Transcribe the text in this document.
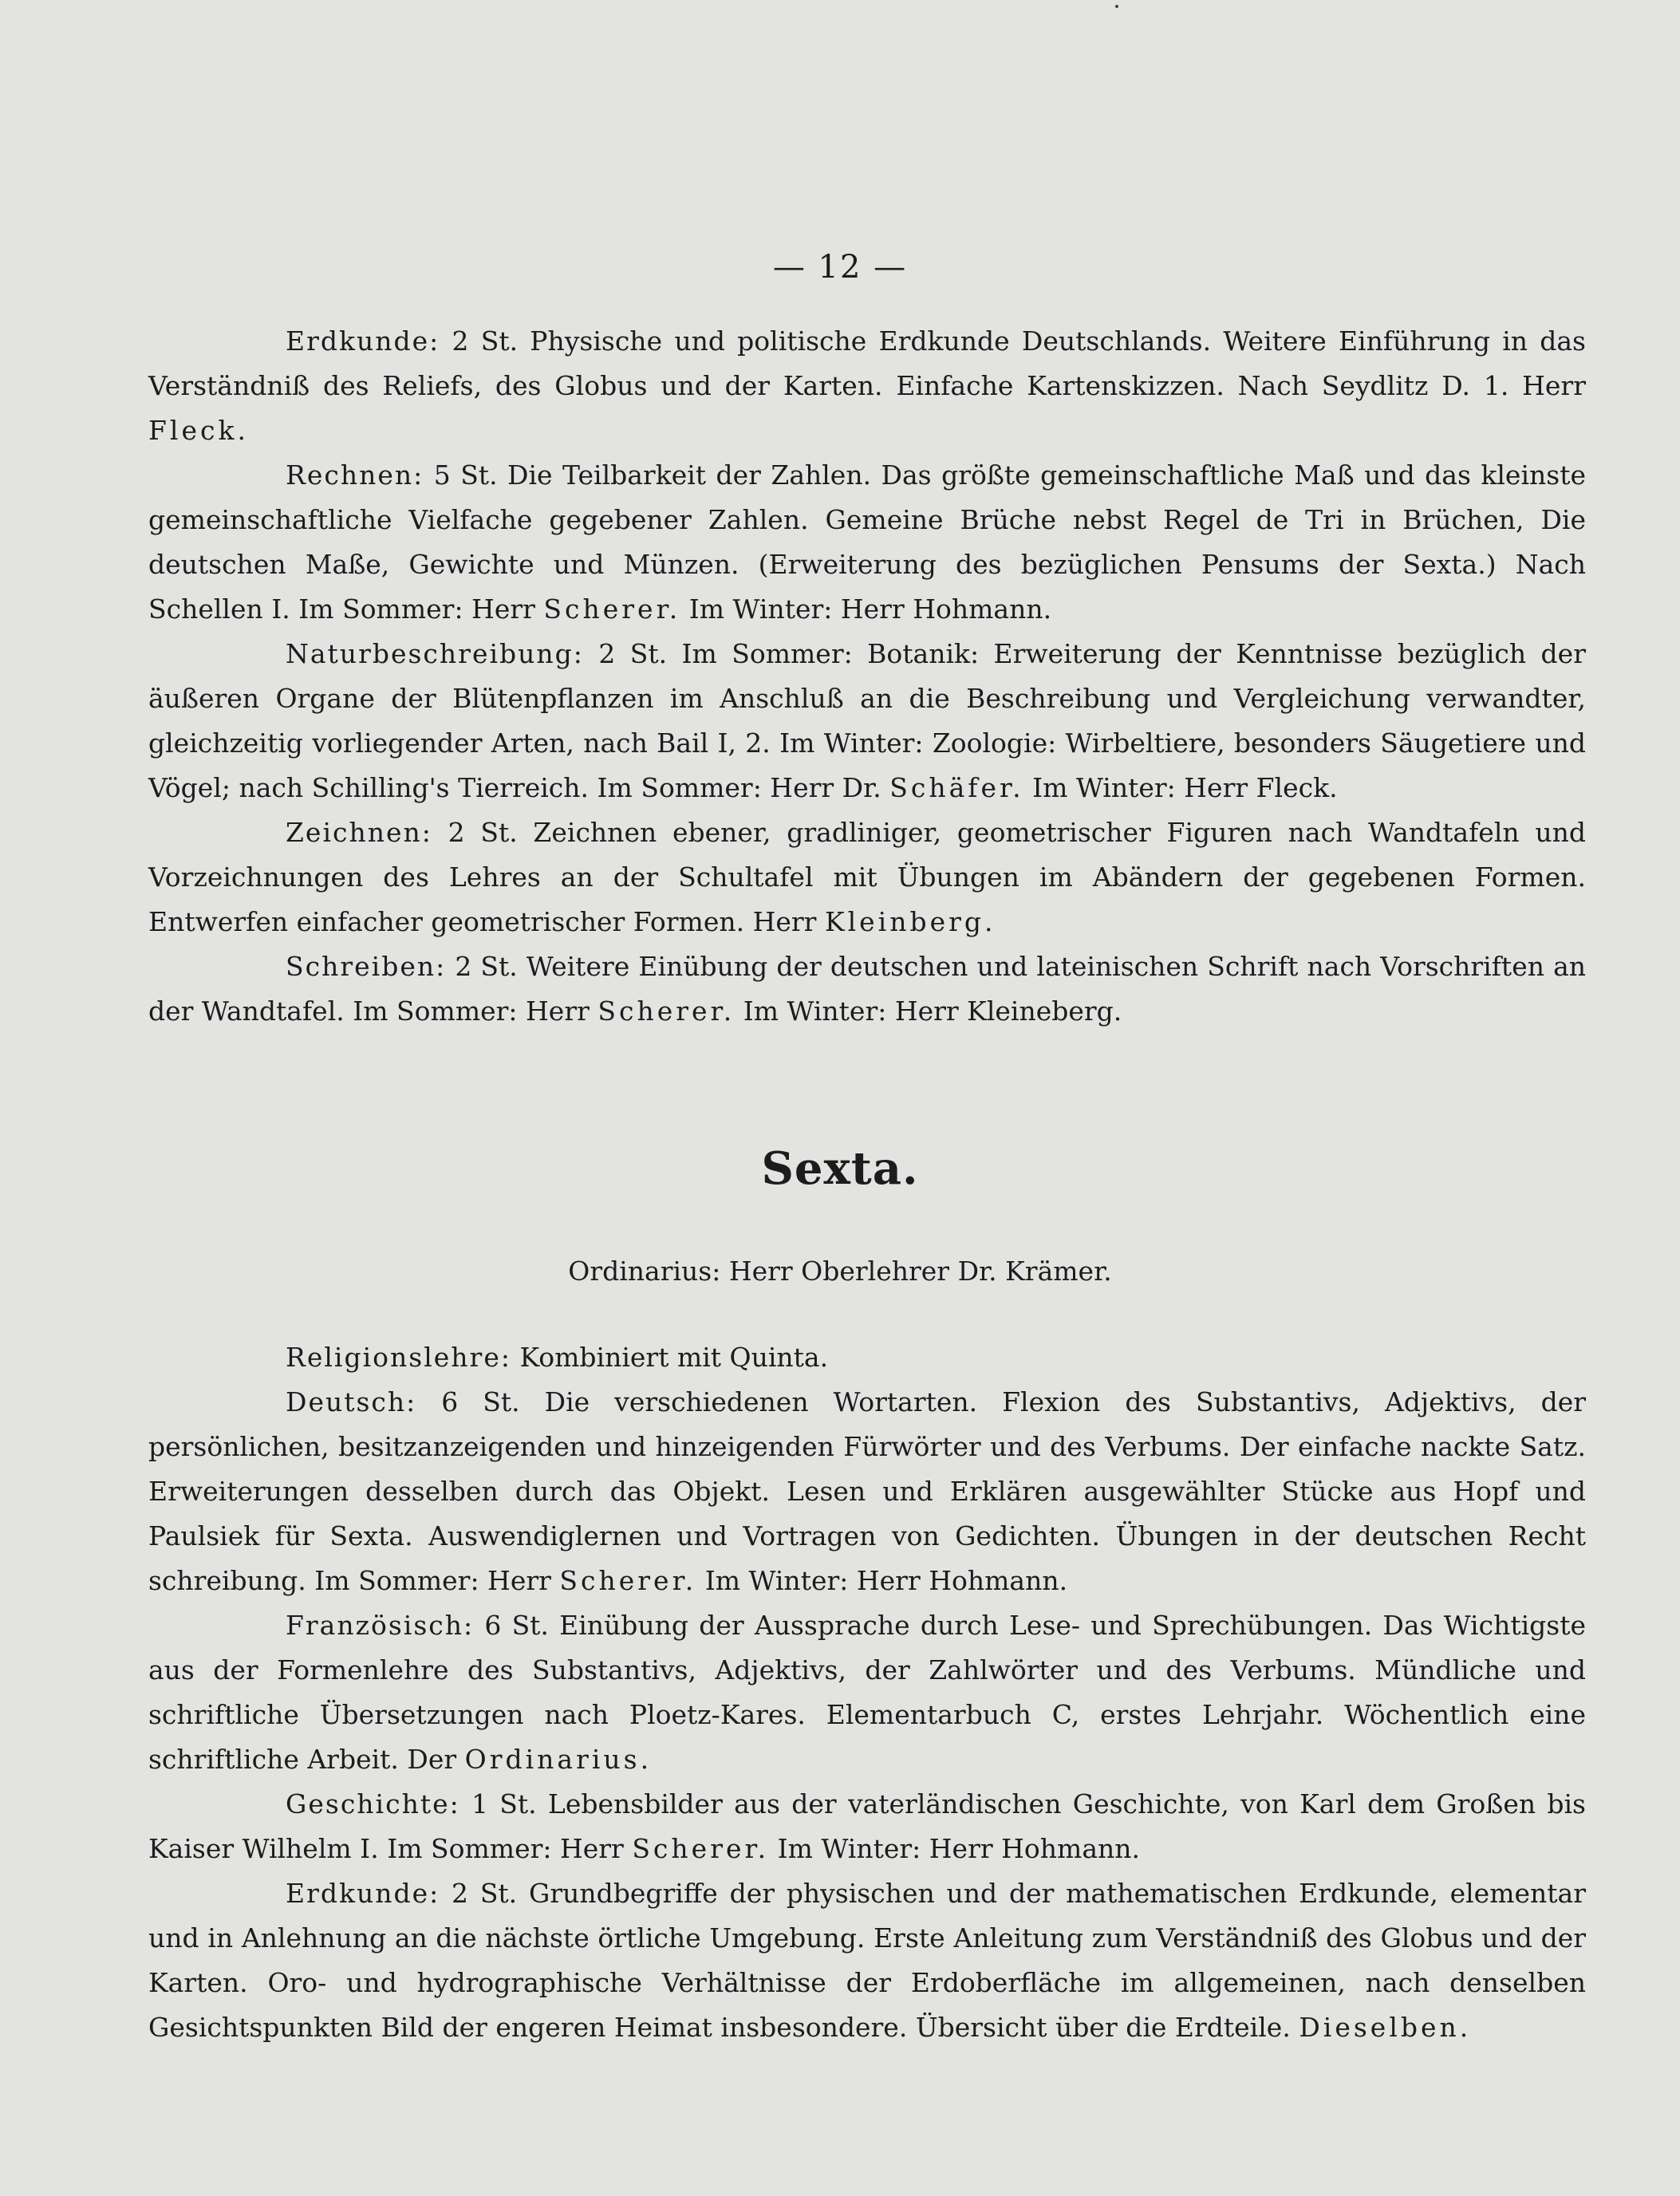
— 12 —

Erdkunde: 2 St. Physische und politische Erdkunde Deutschlands. Weitere Einführung in das Verständniß des Reliefs, des Globus und der Karten. Einfache Kartenskizzen. Nach Seydlitz D. 1. Herr Fleck.

Rechnen: 5 St. Die Teilbarkeit der Zahlen. Das größte gemeinschaftliche Maß und das kleinste gemeinschaftliche Vielfache gegebener Zahlen. Gemeine Brüche nebst Regel de Tri in Brüchen, Die deutschen Maße, Gewichte und Münzen. (Erweiterung des bezüglichen Pensums der Sexta.) Nach Schellen I. Im Sommer: Herr Scherer. Im Winter: Herr Hohmann.

Naturbeschreibung: 2 St. Im Sommer: Botanik: Erweiterung der Kenntnisse bezüglich der äußeren Organe der Blütenpflanzen im Anschluß an die Beschreibung und Vergleichung verwandter, gleichzeitig vorliegender Arten, nach Bail I, 2. Im Winter: Zoologie: Wirbeltiere, besonders Säugetiere und Vögel; nach Schilling's Tierreich. Im Sommer: Herr Dr. Schäfer. Im Winter: Herr Fleck.

Zeichnen: 2 St. Zeichnen ebener, gradliniger, geometrischer Figuren nach Wandtafeln und Vorzeichnungen des Lehres an der Schultafel mit Übungen im Abändern der gegebenen Formen. Entwerfen einfacher geometrischer Formen. Herr Kleinberg.

Schreiben: 2 St. Weitere Einübung der deutschen und lateinischen Schrift nach Vorschriften an der Wandtafel. Im Sommer: Herr Scherer. Im Winter: Herr Kleineberg.

Sexta.
Ordinarius: Herr Oberlehrer Dr. Krämer.

Religionslehre: Kombiniert mit Quinta.

Deutsch: 6 St. Die verschiedenen Wortarten. Flexion des Substantivs, Adjektivs, der persönlichen, besitzanzeigenden und hinzeigenden Fürwörter und des Verbums. Der einfache nackte Satz. Erweiterungen desselben durch das Objekt. Lesen und Erklären ausgewählter Stücke aus Hopf und Paulsiek für Sexta. Auswendiglernen und Vortragen von Gedichten. Übungen in der deutschen Recht schreibung. Im Sommer: Herr Scherer. Im Winter: Herr Hohmann.

Französisch: 6 St. Einübung der Aussprache durch Lese- und Sprechübungen. Das Wichtigste aus der Formenlehre des Substantivs, Adjektivs, der Zahlwörter und des Verbums. Mündliche und schriftliche Übersetzungen nach Ploetz-Kares. Elementarbuch C, erstes Lehrjahr. Wöchentlich eine schriftliche Arbeit. Der Ordinarius.

Geschichte: 1 St. Lebensbilder aus der vaterländischen Geschichte, von Karl dem Großen bis Kaiser Wilhelm I. Im Sommer: Herr Scherer. Im Winter: Herr Hohmann.

Erdkunde: 2 St. Grundbegriffe der physischen und der mathematischen Erdkunde, elementar und in Anlehnung an die nächste örtliche Umgebung. Erste Anleitung zum Verständniß des Globus und der Karten. Oro- und hydrographische Verhältnisse der Erdoberfläche im allgemeinen, nach denselben Gesichtspunkten Bild der engeren Heimat insbesondere. Übersicht über die Erdteile. Dieselben.
